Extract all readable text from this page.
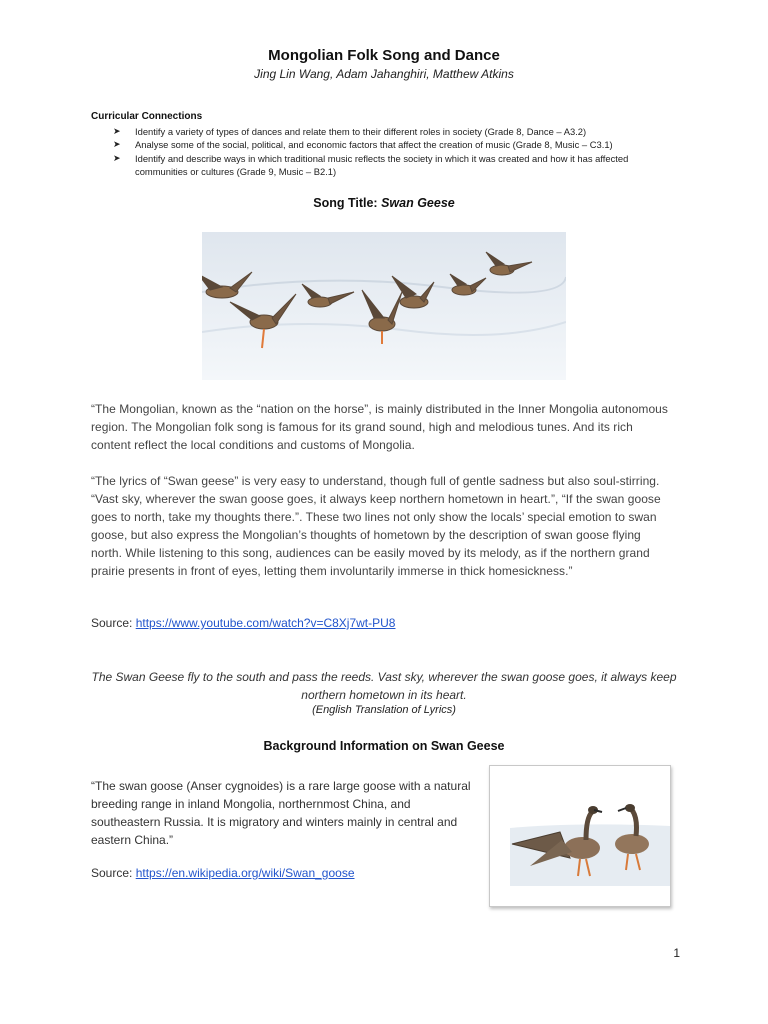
Mongolian Folk Song and Dance
Jing Lin Wang, Adam Jahanghiri, Matthew Atkins
Curricular Connections
➤ Identify a variety of types of dances and relate them to their different roles in society (Grade 8, Dance – A3.2)
➤ Analyse some of the social, political, and economic factors that affect the creation of music (Grade 8, Music – C3.1)
➤ Identify and describe ways in which traditional music reflects the society in which it was created and how it has affected communities or cultures (Grade 9, Music – B2.1)
Song Title: Swan Geese
“The Mongolian, known as the “nation on the horse”, is mainly distributed in the Inner Mongolia autonomous region. The Mongolian folk song is famous for its grand sound, high and melodious tunes. And its rich content reflect the local conditions and customs of Mongolia.
“The lyrics of “Swan geese” is very easy to understand, though full of gentle sadness but also soul-stirring. “Vast sky, wherever the swan goose goes, it always keep northern hometown in heart.”, “If the swan goose goes to north, take my thoughts there.”. These two lines not only show the locals’ special emotion to swan goose, but also express the Mongolian’s thoughts of hometown by the description of swan goose flying north. While listening to this song, audiences can be easily moved by its melody, as if the northern grand prairie presents in front of eyes, letting them involuntarily immerse in thick homesickness.”
Source: https://www.youtube.com/watch?v=C8Xj7wt-PU8
The Swan Geese fly to the south and pass the reeds. Vast sky, wherever the swan goose goes, it always keep northern hometown in its heart.
(English Translation of Lyrics)
Background Information on Swan Geese
“The swan goose (Anser cygnoides) is a rare large goose with a natural breeding range in inland Mongolia, northernmost China, and southeastern Russia. It is migratory and winters mainly in central and eastern China.”
Source: https://en.wikipedia.org/wiki/Swan_goose
1
